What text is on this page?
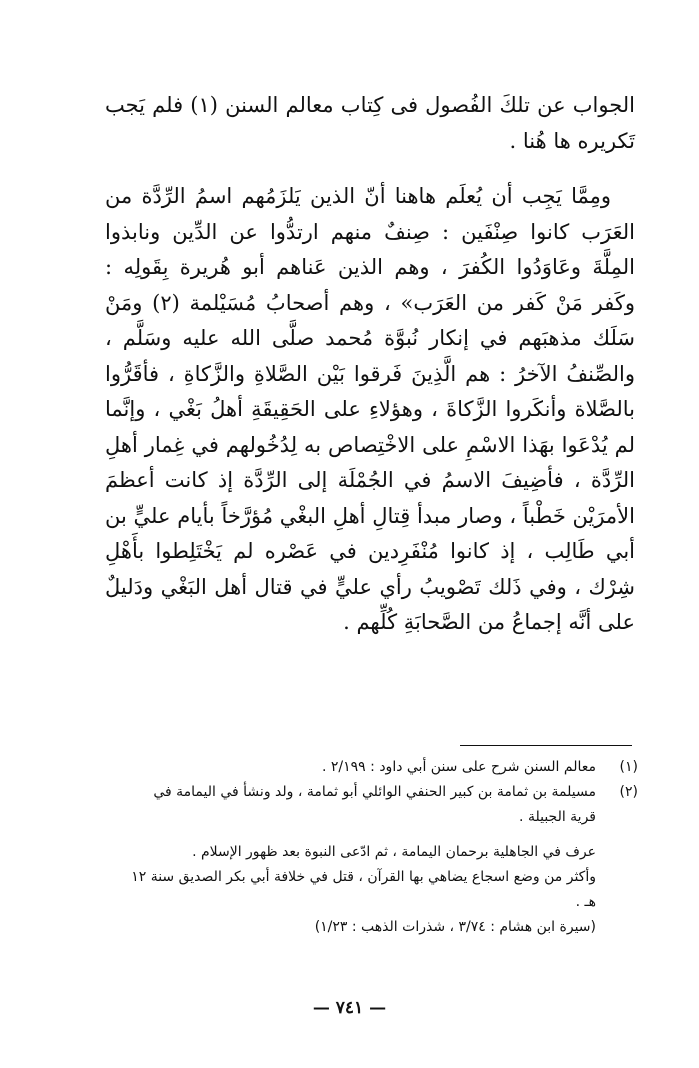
الجواب عن تلكَ الفُصول فى كِتاب معالم السنن (١) فلم يَجب تَكريره ها هُنا .

ومِمَّا يَجِب أن يُعلَم هاهنا أنّ الذين يَلزَمُهم اسمُ الرِّدَّة من العَرَب كانوا صِنْفَين : صِنفٌ منهم ارتدُّوا عن الدِّين ونابذوا المِلَّةَ وعَاوَدُوا الكُفرَ ، وهم الذين عَناهم أبو هُريرة بِقَولِه : وكَفر مَنْ كَفر من العَرَب» ، وهم أصحابُ مُسَيْلمة (٢) ومَنْ سَلَك مذهبَهم في إنكار نُبوَّة مُحمد صلَّى الله عليه وسَلَّم ، والصِّنفُ الآخرُ : هم الَّذِينَ فَرقوا بَيْن الصَّلاةِ والزَّكاةِ ، فأقَرُّوا بالصَّلاة وأنكَروا الزَّكاةَ ، وهؤلاءِ على الحَقِيقَةِ أهلُ بَغْي ، وإنَّما لم يُدْعَوا بهَذا الاسْمِ على الاخْتِصاص به لِدُخُولهم في غِمار أهلِ الرِّدَّة ، فأضِيفَ الاسمُ في الجُمْلَة إلى الرِّدَّة إذ كانت أعظمَ الأمرَيْن خَطْباً ، وصار مبدأ قِتالِ أهلِ البغْي مُؤرَّخاً بأيام عليٍّ بن أبي طَالِب ، إذ كانوا مُنْفَرِدين في عَصْره لم يَخْتَلِطوا بأَهْلِ شِرْك ، وفي ذَلك تَصْويبُ رأي عليٍّ في قتال أهل البَغْي ودَليلٌ على أنَّه إجماعُ من الصَّحابَةِ كُلِّهم .

(١)
معالم السنن شرح على سنن أبي داود : ٢/١٩٩ .
(٢)
مسيلمة بن ثمامة بن كبير الحنفي الوائلي أبو ثمامة ، ولد ونشأ في اليمامة في قرية الجبيلة .
عرف في الجاهلية برحمان اليمامة ، ثم ادّعى النبوة بعد ظهور الإسلام .
وأكثر من وضع اسجاع يضاهي بها القرآن ، قتل في خلافة أبي بكر الصديق سنة ١٢ هـ .
(سيرة ابن هشام : ٣/٧٤ ، شذرات الذهب : ١/٢٣)
— ٧٤١ —
